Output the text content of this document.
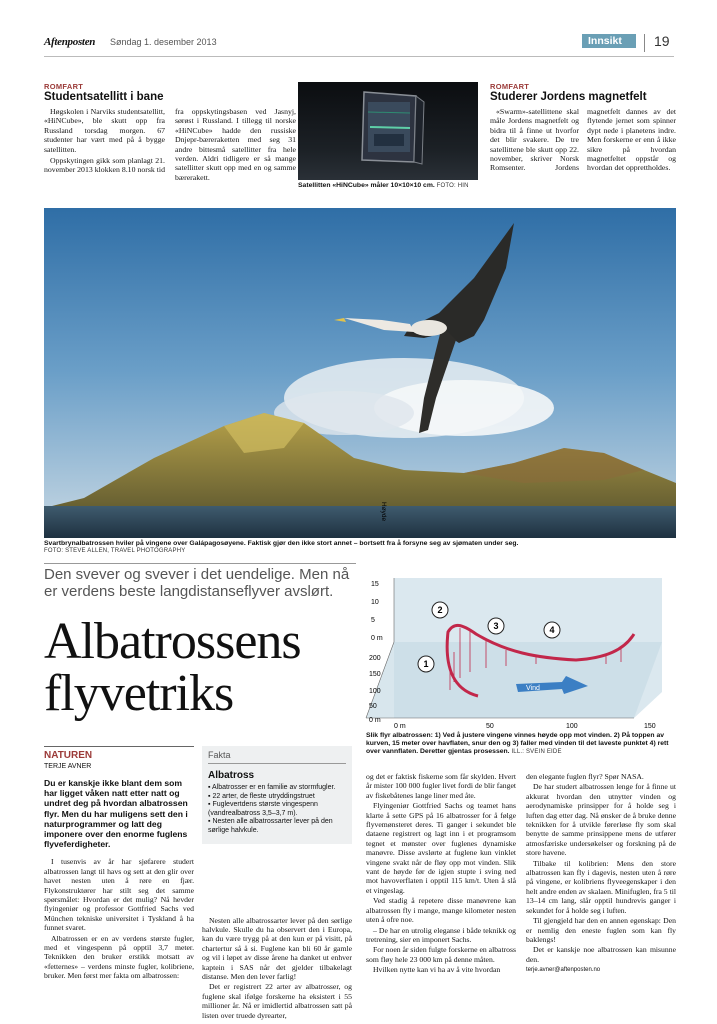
Aftenposten Søndag 1. desember 2013	Innsikt	19
ROMFART
Studentsatellitt i bane

Høgskolen i Narviks studentsatellitt, «HiNCube», ble skutt opp fra Russland torsdag morgen. 67 studenter har vært med på å bygge satellitten.

Oppskytingen gikk som planlagt 21. november 2013 klokken 8.10 norsk tid fra oppskytingsbasen ved Jasnyj, sørøst i Russland. I tillegg til norske «HiNCube» hadde den russiske Dnjepr-bæreraketten med seg 31 andre bittesmå satellitter fra hele verden. Aldri tidligere er så mange satellitter skutt opp med en og samme bærerakett.

Satellitten «HiNCube» måler 10×10×10 cm. FOTO: HIN
ROMFART
Studerer Jordens magnetfelt

«Swarm»-satellittene skal måle Jordens magnetfelt og bidra til å finne ut hvorfor det blir svakere. De tre satellittene ble skutt opp 22. november, skriver Norsk Romsenter. Jordens magnetfelt dannes av det flytende jernet som spinner dypt nede i planetens indre. Men forskerne er enn å ikke sikre på hvordan magnetfeltet oppstår og hvordan det opprettholdes.

Svartbrynalbatrossen hviler på vingene over Galápagosøyene. Faktisk gjør den ikke stort annet – bortsett fra å forsyne seg av sjømaten under seg.
FOTO: STEVE ALLEN, TRAVEL PHOTOGRAPHY
Den svever og svever i det uendelige. Men nå er verdens beste langdistanseflyver avslørt.
Albatrossens
flyvetriks
15
10
5
0 m
Høyde
200
150
100
50
0 m
0 m	50	100	150
Vind
1
2
3	4
Slik flyr albatrossen: 1) Ved å justere vingene vinnes høyde opp mot vinden. 2) På toppen av kurven, 15 meter over havflaten, snur den og 3) faller med vinden til det laveste punktet 4) rett over vannflaten. Deretter gjentas prosessen. ILL.: SVEIN EIDE
NATUREN
TERJE AVNER
Du er kanskje ikke blant dem som har ligget våken natt etter natt og undret deg på hvordan albatrossen flyr. Men du har muligens sett den i naturprogrammer og latt deg imponere over den enorme fuglens flyveferdigheter.

I tusenvis av år har sjøfarere studert albatrossen langt til havs og sett at den glir over havet nesten uten å røre en fjær. Flykonstruktører har stilt seg det samme spørsmålet: Hvordan er det mulig? Nå hevder flyingeniør og professor Gottfried Sachs ved München tekniske universitet i Tyskland å ha funnet svaret.

Albatrossen er en av verdens største fugler, med et vingespenn på opptil 3,7 meter. Teknikken den bruker erstikk motsatt av «fetternes» – verdens minste fugler, kolibriene, bruker. Men først mer fakta om albatrossen:

Fakta
Albatross
▪ Albatrosser er en familie av stormfugler.
▪ 22 arter, de fleste utryddingstruet
▪ Fuglevertdens største vingespenn (vandrealbatross 3,5–3,7 m).
▪ Nesten alle albatrossarter lever på den sørlige halvkule.

Nesten alle albatrossarter lever på den sørlige halvkule. Skulle du ha observert den i Europa, kan du være trygg på at den kun er på visitt, på chartertur så å si. Fuglene kan bli 60 år gamle og vil i løpet av disse årene ha danket ut enhver kaptein i SAS når det gjelder tilbakelagt distanse. Men den lever farlig!

Det er registrert 22 arter av albatrosser, og fuglene skal ifølge forskerne ha eksistert i 55 millioner år. Nå er imidlertid albatrossen satt på listen over truede dyrearter,

og det er faktisk fiskerne som får skylden. Hvert år mister 100 000 fugler livet fordi de blir fanget av fiskebåtenes lange liner med åte.

Flyingeniør Gottfried Sachs og teamet hans klarte å sette GPS på 16 albatrosser for å følge flyvemønsteret deres. Ti ganger i sekundet ble dataene registrert og lagt inn i et programsom tegnet et mønster over fuglenes dynamiske manøvre. Disse avslørte at fuglene kun vinklet vingene svakt når de fløy opp mot vinden. Slik vant de høyde før de igjen stupte i sving ned mot havoverflaten i opptil 115 km/t. Uten å slå et vingeslag.

Ved stadig å repetere disse manøvrene kan albatrossen fly i mange, mange kilometer nesten uten å ofre noe.

– De har en utrolig eleganse i både teknikk og tretrening, sier en imponert Sachs.

For noen år siden fulgte forskerne en albatross som fløy hele 23 000 km på denne måten.

Hvilken nytte kan vi ha av å vite hvordan

den elegante fuglen flyr? Spør NASA.

De har studert albatrossen lenge for å finne ut akkurat hvordan den utnytter vinden og aerodynamiske prinsipper for å holde seg i luften dag etter dag. Nå ønsker de å bruke denne teknikken for å utvikle førerløse fly som skal benytte de samme prinsippene mens de utfører atmosfæriske undersøkelser og forskning på de store havene.

Tilbake til kolibrien: Mens den store albatrossen kan fly i dagevis, nesten uten å røre på vingene, er kolibriens flyveegenskaper i den helt andre enden av skalaen. Minifuglen, fra 5 til 13–14 cm lang, slår opptil hundrevis ganger i sekundet for å holde seg i luften.

Til gjengjeld har den en annen egenskap: Den er nemlig den eneste fuglen som kan fly baklengs!

Det er kanskje noe albatrossen kan misunne den.

terje.avner@aftenposten.no
